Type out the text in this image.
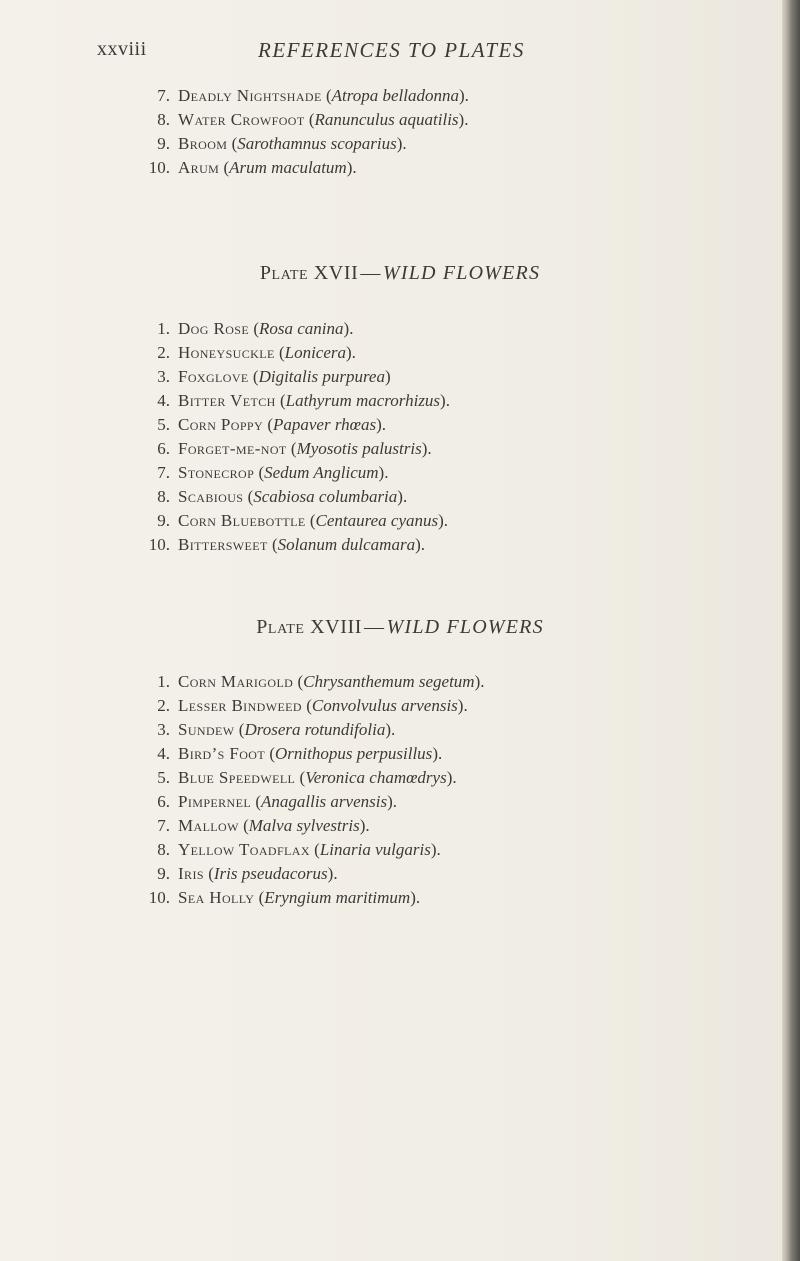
xxviii	REFERENCES TO PLATES
7. Deadly Nightshade (Atropa belladonna).
8. Water Crowfoot (Ranunculus aquatilis).
9. Broom (Sarothamnus scoparius).
10. Arum (Arum maculatum).
Plate XVII — WILD FLOWERS
1. Dog Rose (Rosa canina).
2. Honeysuckle (Lonicera).
3. Foxglove (Digitalis purpurea)
4. Bitter Vetch (Lathyrum macrorhizus).
5. Corn Poppy (Papaver rhœas).
6. Forget-me-not (Myosotis palustris).
7. Stonecrop (Sedum Anglicum).
8. Scabious (Scabiosa columbaria).
9. Corn Bluebottle (Centaurea cyanus).
10. Bittersweet (Solanum dulcamara).
Plate XVIII — WILD FLOWERS
1. Corn Marigold (Chrysanthemum segetum).
2. Lesser Bindweed (Convolvulus arvensis).
3. Sundew (Drosera rotundifolia).
4. Bird’s Foot (Ornithopus perpusillus).
5. Blue Speedwell (Veronica chamœdrys).
6. Pimpernel (Anagallis arvensis).
7. Mallow (Malva sylvestris).
8. Yellow Toadflax (Linaria vulgaris).
9. Iris (Iris pseudacorus).
10. Sea Holly (Eryngium maritimum).
